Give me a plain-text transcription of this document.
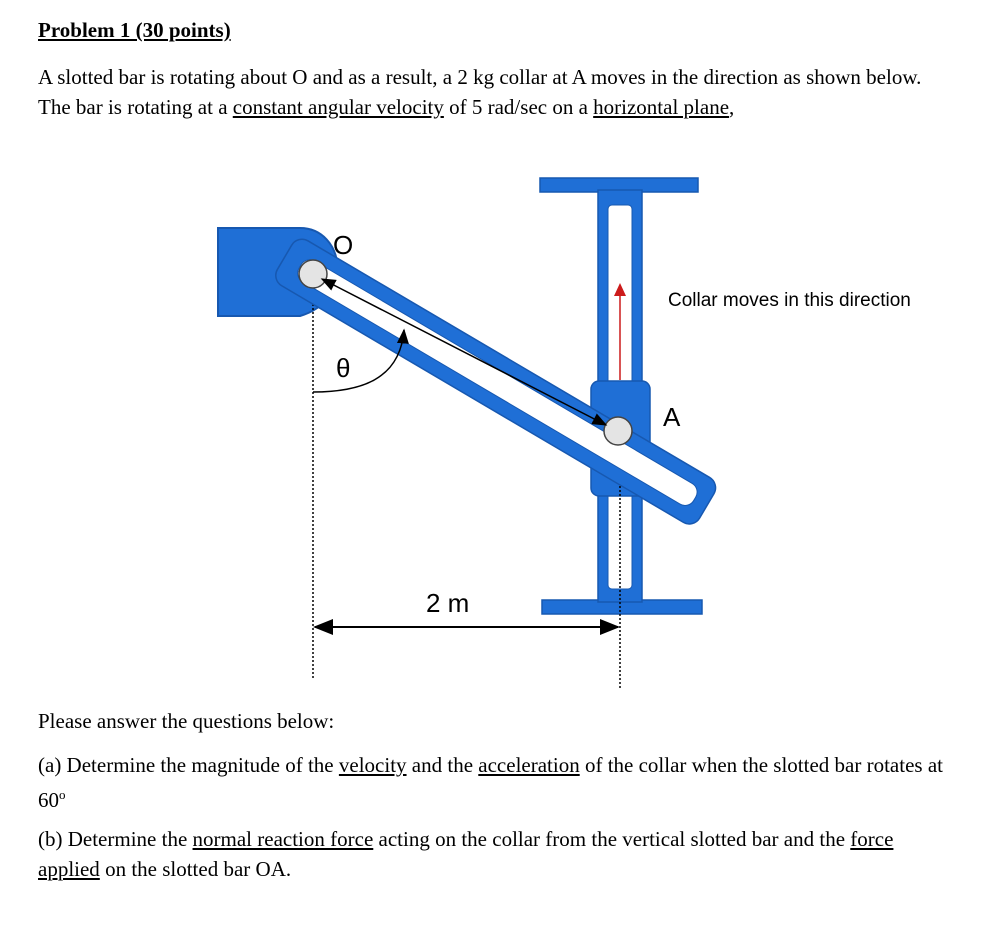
Problem 1 (30 points)
A slotted bar is rotating about O and as a result, a 2 kg collar at A moves in the direction as shown below. The bar is rotating at a constant angular velocity of 5 rad/sec on a horizontal plane,
O
θ
A
2 m
Collar moves in this direction
Please answer the questions below:
(a) Determine the magnitude of the velocity and the acceleration of the collar when the slotted bar rotates at 60$^o$
(b) Determine the normal reaction force acting on the collar from the vertical slotted bar and the force applied on the slotted bar OA.
